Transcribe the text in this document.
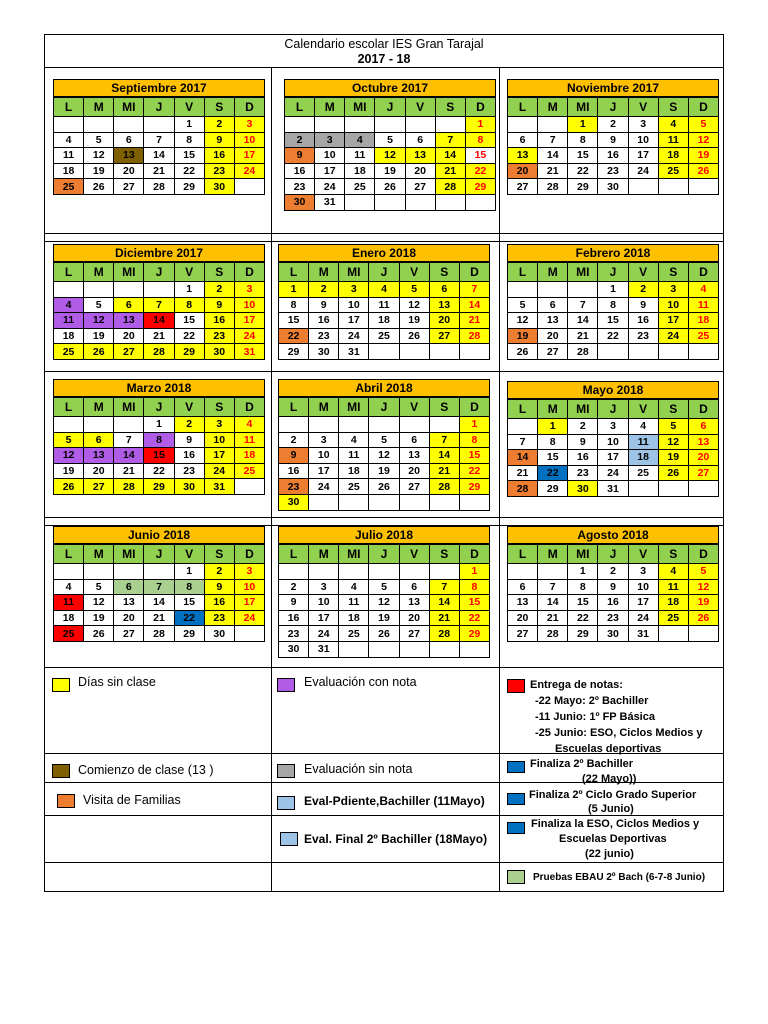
Calendario escolar IES Gran Tarajal
2017 - 18
Septiembre 2017
L	M	MI	J	V	S	D
				1	2	3
4	5	6	7	8	9	10
11	12	13	14	15	16	17
18	19	20	21	22	23	24
25	26	27	28	29	30	
Octubre 2017
L	M	MI	J	V	S	D
						1
2	3	4	5	6	7	8
9	10	11	12	13	14	15
16	17	18	19	20	21	22
23	24	25	26	27	28	29
30	31					
Noviembre 2017
L	M	MI	J	V	S	D
		1	2	3	4	5
6	7	8	9	10	11	12
13	14	15	16	17	18	19
20	21	22	23	24	25	26
27	28	29	30			
Diciembre 2017
L	M	MI	J	V	S	D
				1	2	3
4	5	6	7	8	9	10
11	12	13	14	15	16	17
18	19	20	21	22	23	24
25	26	27	28	29	30	31
Enero 2018
L	M	MI	J	V	S	D
1	2	3	4	5	6	7
8	9	10	11	12	13	14
15	16	17	18	19	20	21
22	23	24	25	26	27	28
29	30	31				
Febrero 2018
L	M	MI	J	V	S	D
			1	2	3	4
5	6	7	8	9	10	11
12	13	14	15	16	17	18
19	20	21	22	23	24	25
26	27	28				
Marzo 2018
L	M	MI	J	V	S	D
			1	2	3	4
5	6	7	8	9	10	11
12	13	14	15	16	17	18
19	20	21	22	23	24	25
26	27	28	29	30	31	
Abril 2018
L	M	MI	J	V	S	D
						1
2	3	4	5	6	7	8
9	10	11	12	13	14	15
16	17	18	19	20	21	22
23	24	25	26	27	28	29
30						
Mayo 2018
L	M	MI	J	V	S	D
	1	2	3	4	5	6
7	8	9	10	11	12	13
14	15	16	17	18	19	20
21	22	23	24	25	26	27
28	29	30	31			
Junio 2018
L	M	MI	J	V	S	D
				1	2	3
4	5	6	7	8	9	10
11	12	13	14	15	16	17
18	19	20	21	22	23	24
25	26	27	28	29	30	
Julio 2018
L	M	MI	J	V	S	D
						1
2	3	4	5	6	7	8
9	10	11	12	13	14	15
16	17	18	19	20	21	22
23	24	25	26	27	28	29
30	31					
Agosto 2018
L	M	MI	J	V	S	D
		1	2	3	4	5
6	7	8	9	10	11	12
13	14	15	16	17	18	19
20	21	22	23	24	25	26
27	28	29	30	31		
Días sin clase	Evaluación con nota	Entrega de notas:
-22 Mayo: 2º Bachiller
-11 Junio: 1º FP Básica
-25 Junio: ESO, Ciclos Medios y
Escuelas deportivas
Comienzo de clase (13 )	Evaluación sin nota	Finaliza 2º Bachiller
(22 Mayo))
Visita de Familias	Eval-Pdiente,Bachiller (11Mayo)	Finaliza 2º Ciclo Grado Superior
(5 Junio)
Eval. Final 2º Bachiller (18Mayo)
Finaliza la ESO, Ciclos Medios y
Escuelas Deportivas
(22 junio)
Pruebas EBAU 2º Bach (6-7-8 Junio)
